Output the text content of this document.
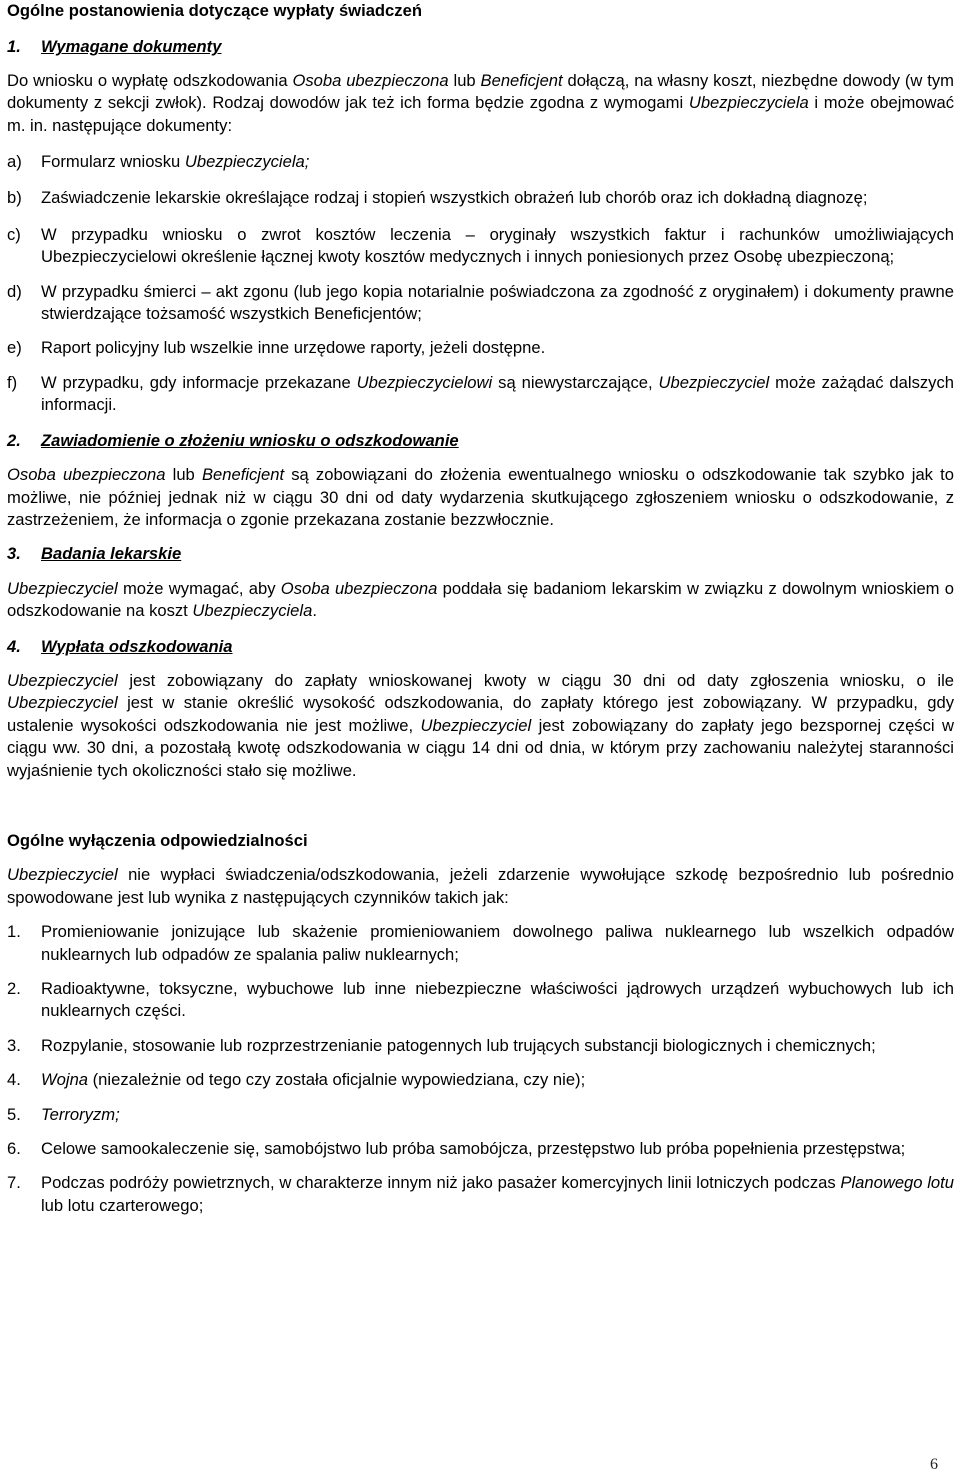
Ogólne postanowienia dotyczące wypłaty świadczeń
1.	Wymagane dokumenty
Do wniosku o wypłatę odszkodowania Osoba ubezpieczona lub Beneficjent dołączą, na własny koszt, niezbędne dowody (w tym dokumenty z sekcji zwłok). Rodzaj dowodów jak też ich forma będzie zgodna z wymogami Ubezpieczyciela i może obejmować m. in. następujące dokumenty:
a)	Formularz wniosku Ubezpieczyciela;
b)	Zaświadczenie lekarskie określające rodzaj i stopień wszystkich obrażeń lub chorób oraz ich dokładną diagnozę;
c)	W przypadku wniosku o zwrot kosztów leczenia – oryginały wszystkich faktur i rachunków umożliwiających Ubezpieczycielowi określenie łącznej kwoty kosztów medycznych i innych poniesionych przez Osobę ubezpieczoną;
d)	W przypadku śmierci – akt zgonu (lub jego kopia notarialnie poświadczona za zgodność z oryginałem) i dokumenty prawne stwierdzające tożsamość wszystkich Beneficjentów;
e)	Raport policyjny lub wszelkie inne urzędowe raporty, jeżeli dostępne.
f)	W przypadku, gdy informacje przekazane Ubezpieczycielowi są niewystarczające, Ubezpieczyciel może zażądać dalszych informacji.
2.	Zawiadomienie o złożeniu wniosku o odszkodowanie
Osoba ubezpieczona lub Beneficjent są zobowiązani do złożenia ewentualnego wniosku o odszkodowanie tak szybko jak to możliwe, nie później jednak niż w ciągu 30 dni od daty wydarzenia skutkującego zgłoszeniem wniosku o odszkodowanie, z zastrzeżeniem, że informacja o zgonie przekazana zostanie bezzwłocznie.
3.	Badania lekarskie
Ubezpieczyciel może wymagać, aby Osoba ubezpieczona poddała się badaniom lekarskim w związku z dowolnym wnioskiem o odszkodowanie na koszt Ubezpieczyciela.
4.	Wypłata odszkodowania
Ubezpieczyciel jest zobowiązany do zapłaty wnioskowanej kwoty w ciągu 30 dni od daty zgłoszenia wniosku, o ile Ubezpieczyciel jest w stanie określić wysokość odszkodowania, do zapłaty którego jest zobowiązany. W przypadku, gdy ustalenie wysokości odszkodowania nie jest możliwe, Ubezpieczyciel jest zobowiązany do zapłaty jego bezspornej części w ciągu ww. 30 dni, a pozostałą kwotę odszkodowania w ciągu 14 dni od dnia, w którym przy zachowaniu należytej staranności wyjaśnienie tych okoliczności stało się możliwe.
Ogólne wyłączenia odpowiedzialności
Ubezpieczyciel nie wypłaci świadczenia/odszkodowania, jeżeli zdarzenie wywołujące szkodę bezpośrednio lub pośrednio spowodowane jest lub wynika z następujących czynników takich jak:
1.	Promieniowanie jonizujące lub skażenie promieniowaniem dowolnego paliwa nuklearnego lub wszelkich odpadów nuklearnych lub odpadów ze spalania paliw nuklearnych;
2.	Radioaktywne, toksyczne, wybuchowe lub inne niebezpieczne właściwości jądrowych urządzeń wybuchowych lub ich nuklearnych części.
3.	Rozpylanie, stosowanie lub rozprzestrzenianie patogennych lub trujących substancji biologicznych i chemicznych;
4.	Wojna (niezależnie od tego czy została oficjalnie wypowiedziana, czy nie);
5.	Terroryzm;
6.	Celowe samookaleczenie się, samobójstwo lub próba samobójcza, przestępstwo lub próba popełnienia przestępstwa;
7.	Podczas podróży powietrznych, w charakterze innym niż jako pasażer komercyjnych linii lotniczych podczas Planowego lotu lub lotu czarterowego;
6
